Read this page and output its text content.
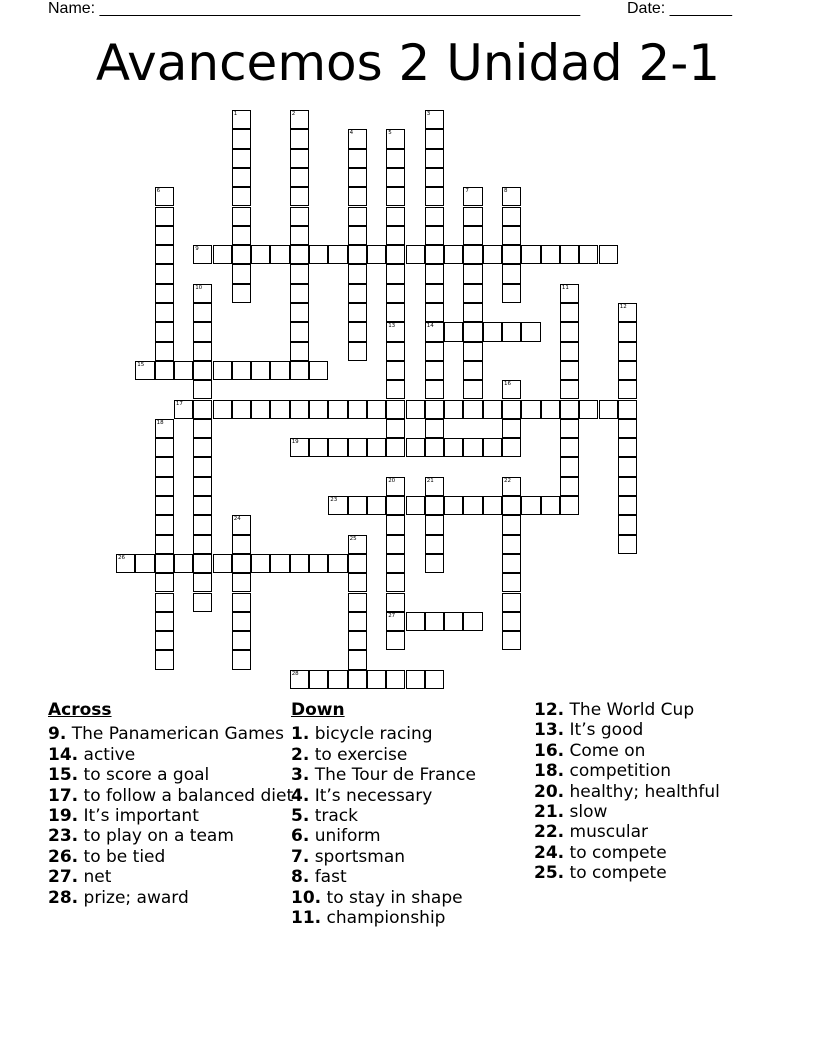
Name: ______________________________________________________	Date: _______
Avancemos 2 Unidad 2-1
1	2	3
14
4	5
6	7	8
9
10	11
12
13
15
16
17
18
19
20
27
21	22
23
24
25
26
28
Across
9. The Panamerican Games
14. active
15. to score a goal
17. to follow a balanced diet
19. It’s important
23. to play on a team
26. to be tied
27. net
28. prize; award
Down
1. bicycle racing
2. to exercise
3. The Tour de France
4. It’s necessary
5. track
6. uniform
7. sportsman
8. fast
10. to stay in shape
11. championship
12. The World Cup
13. It’s good
16. Come on
18. competition
20. healthy; healthful
21. slow
22. muscular
24. to compete
25. to compete
